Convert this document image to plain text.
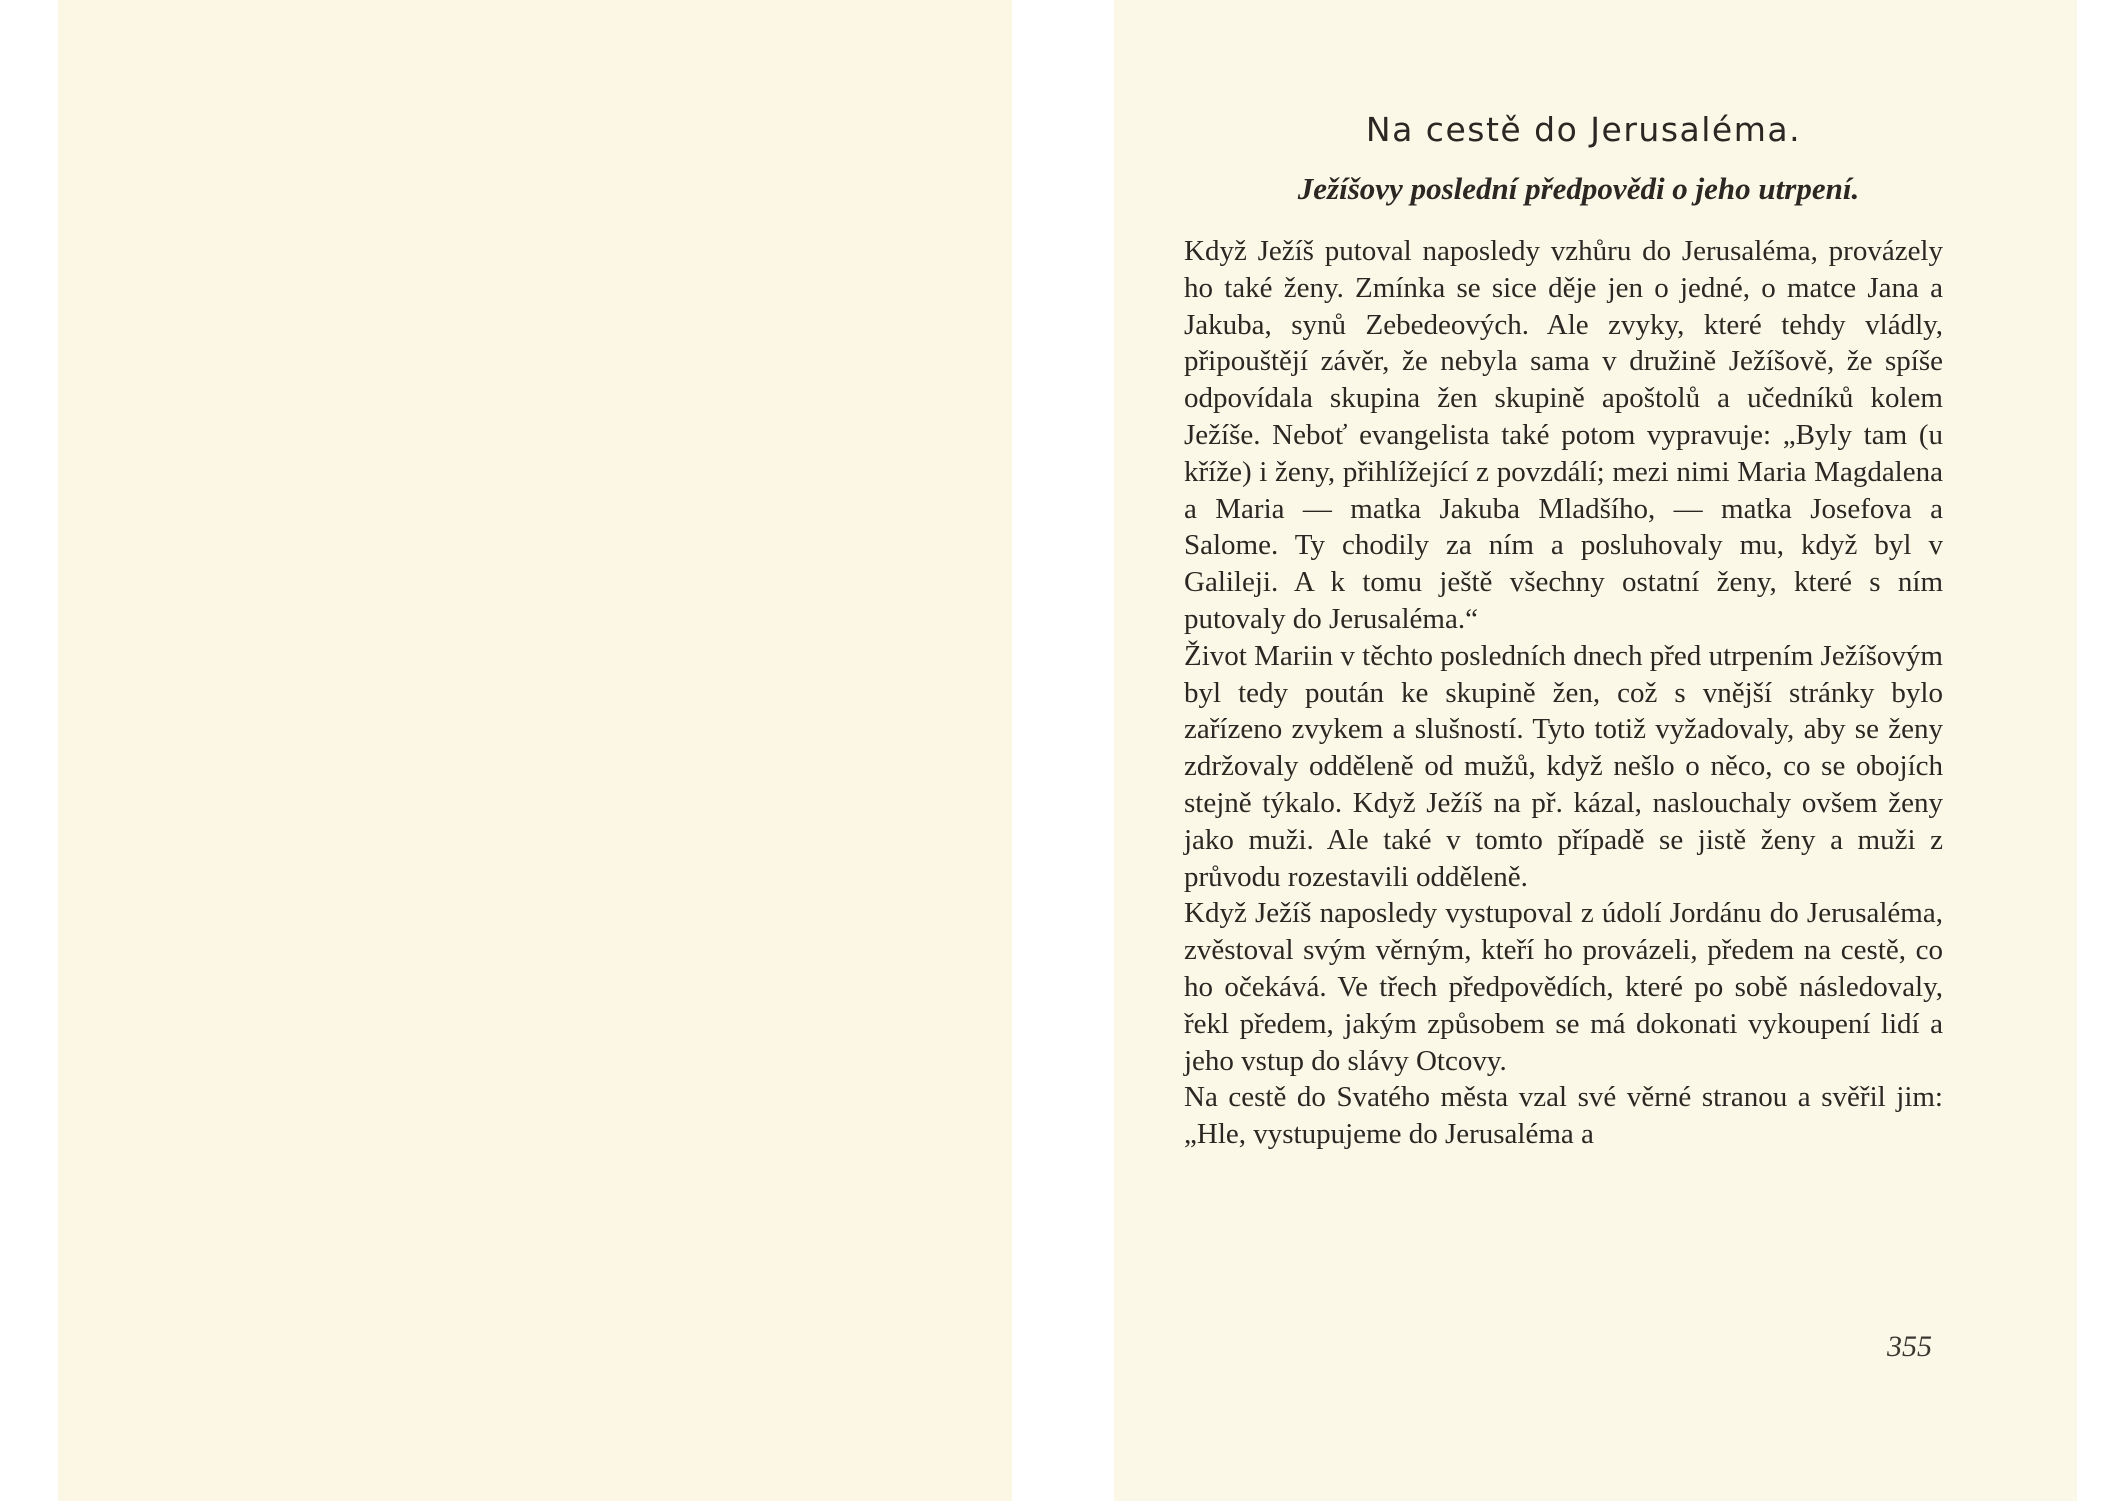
Na cestě do Jerusaléma.
Ježíšovy poslední předpovědi o jeho utrpení.

Když Ježíš putoval naposledy vzhůru do Jerusaléma, provázely ho také ženy. Zmínka se sice děje jen o jedné, o matce Jana a Jakuba, synů Zebedeových. Ale zvyky, které tehdy vládly, připouštějí závěr, že nebyla sama v družině Ježíšově, že spíše odpovídala skupina žen skupině apoštolů a učedníků kolem Ježíše. Neboť evangelista také potom vypravuje: „Byly tam (u kříže) i ženy, přihlížející z povzdálí; mezi nimi Maria Magdalena a Maria — matka Jakuba Mladšího, — matka Josefova a Salome. Ty chodily za ním a posluhovaly mu, když byl v Galileji. A k tomu ještě všechny ostatní ženy, které s ním putovaly do Jerusaléma.“

Život Mariin v těchto posledních dnech před utrpením Ježíšovým byl tedy poután ke skupině žen, což s vnější stránky bylo zařízeno zvykem a slušností. Tyto totiž vyžadovaly, aby se ženy zdržovaly odděleně od mužů, když nešlo o něco, co se obojích stejně týkalo. Když Ježíš na př. kázal, naslouchaly ovšem ženy jako muži. Ale také v tomto případě se jistě ženy a muži z průvodu rozestavili odděleně.

Když Ježíš naposledy vystupoval z údolí Jordánu do Jerusaléma, zvěstoval svým věrným, kteří ho provázeli, předem na cestě, co ho očekává. Ve třech předpovědích, které po sobě následovaly, řekl předem, jakým způsobem se má dokonati vykoupení lidí a jeho vstup do slávy Otcovy.

Na cestě do Svatého města vzal své věrné stranou a svěřil jim: „Hle, vystupujeme do Jerusaléma a

355
